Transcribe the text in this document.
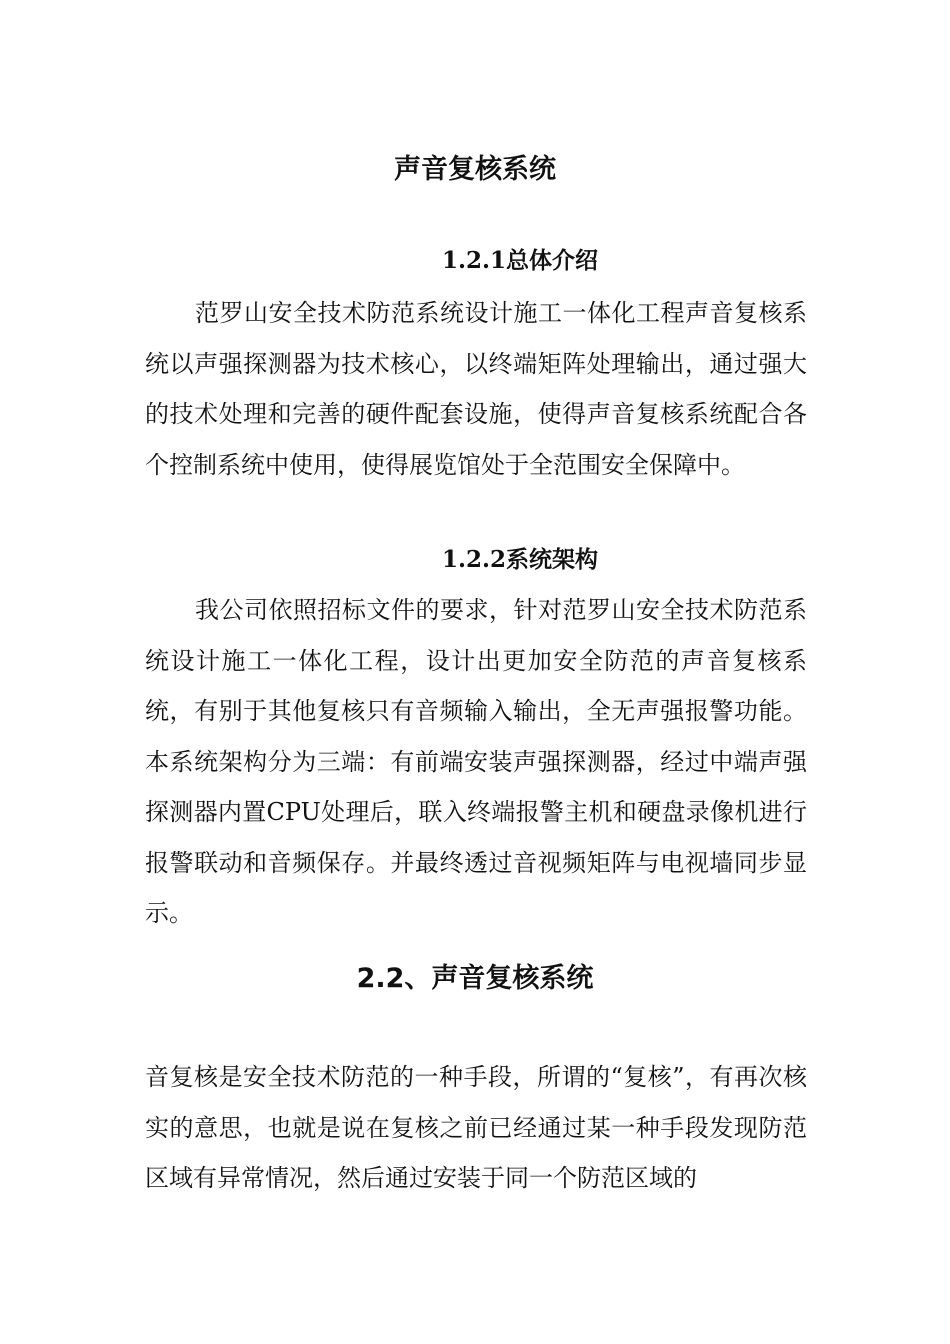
声音复核系统
1.2.1总体介绍

范罗山安全技术防范系统设计施工一体化工程声音复核系统以声强探测器为技术核心，以终端矩阵处理输出，通过强大的技术处理和完善的硬件配套设施，使得声音复核系统配合各个控制系统中使用，使得展览馆处于全范围安全保障中。

1.2.2系统架构

我公司依照招标文件的要求，针对范罗山安全技术防范系统设计施工一体化工程，设计出更加安全防范的声音复核系统，有别于其他复核只有音频输入输出，全无声强报警功能。本系统架构分为三端：有前端安装声强探测器，经过中端声强探测器内置CPU处理后，联入终端报警主机和硬盘录像机进行报警联动和音频保存。并最终透过音视频矩阵与电视墙同步显示。

2.2、声音复核系统

音复核是安全技术防范的一种手段，所谓的“复核”，有再次核实的意思，也就是说在复核之前已经通过某一种手段发现防范区域有异常情况，然后通过安装于同一个防范区域的
